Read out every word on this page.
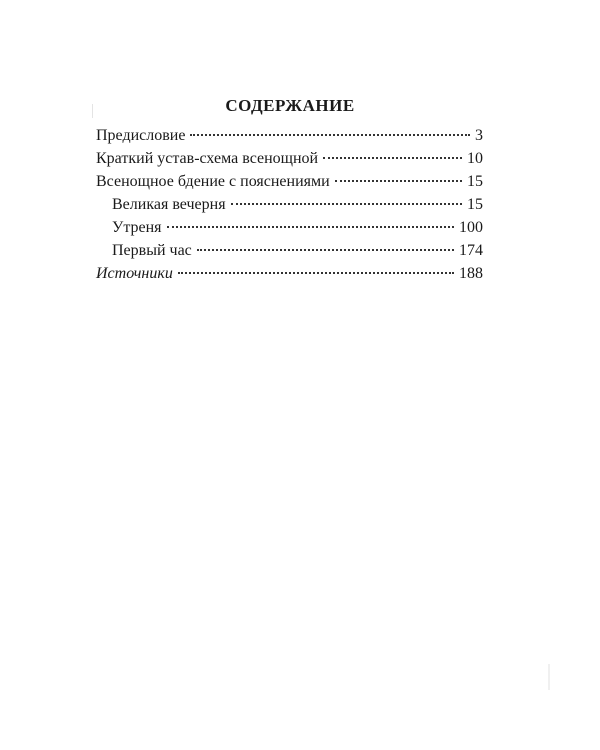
СОДЕРЖАНИЕ
Предисловие	3
Краткий устав-схема всенощной	10
Всенощное бдение с пояснениями	15
Великая вечерня	15
Утреня	100
Первый час	174
Источники	188
